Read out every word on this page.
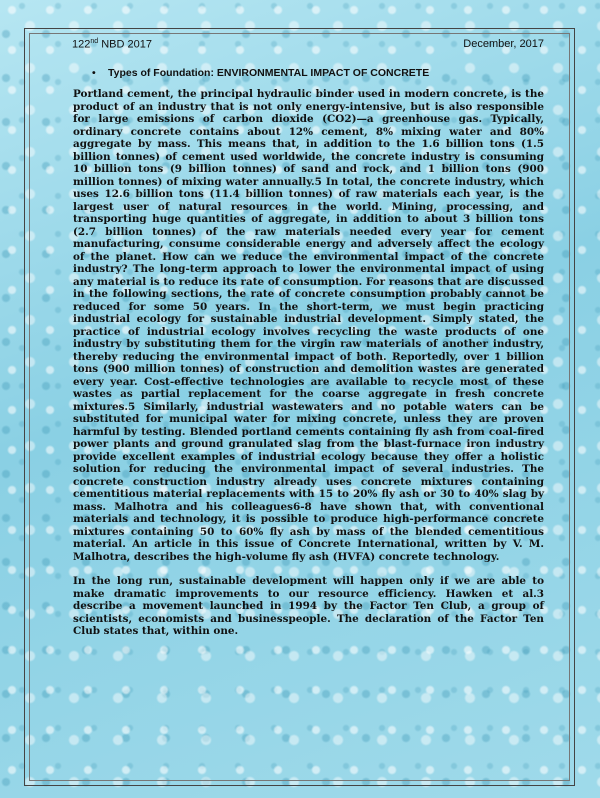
122nd NBD 2017	December, 2017
• Types of Foundation: ENVIRONMENTAL IMPACT OF CONCRETE

Portland cement, the principal hydraulic binder used in modern concrete, is the product of an industry that is not only energy-intensive, but is also responsible for large emissions of carbon dioxide (CO2)—a greenhouse gas. Typically, ordinary concrete contains about 12% cement, 8% mixing water and 80% aggregate by mass. This means that, in addition to the 1.6 billion tons (1.5 billion tonnes) of cement used worldwide, the concrete industry is consuming 10 billion tons (9 billion tonnes) of sand and rock, and 1 billion tons (900 million tonnes) of mixing water annually.5 In total, the concrete industry, which uses 12.6 billion tons (11.4 billion tonnes) of raw materials each year, is the largest user of natural resources in the world. Mining, processing, and transporting huge quantities of aggregate, in addition to about 3 billion tons (2.7 billion tonnes) of the raw materials needed every year for cement manufacturing, consume considerable energy and adversely affect the ecology of the planet. How can we reduce the environmental impact of the concrete industry? The long-term approach to lower the environmental impact of using any material is to reduce its rate of consumption. For reasons that are discussed in the following sections, the rate of concrete consumption probably cannot be reduced for some 50 years. In the short-term, we must begin practicing industrial ecology for sustainable industrial development. Simply stated, the practice of industrial ecology involves recycling the waste products of one industry by substituting them for the virgin raw materials of another industry, thereby reducing the environmental impact of both. Reportedly, over 1 billion tons (900 million tonnes) of construction and demolition wastes are generated every year. Cost-effective technologies are available to recycle most of these wastes as partial replacement for the coarse aggregate in fresh concrete mixtures.5 Similarly, industrial wastewaters and no potable waters can be substituted for municipal water for mixing concrete, unless they are proven harmful by testing. Blended portland cements containing fly ash from coal-fired power plants and ground granulated slag from the blast-furnace iron industry provide excellent examples of industrial ecology because they offer a holistic solution for reducing the environmental impact of several industries. The concrete construction industry already uses concrete mixtures containing cementitious material replacements with 15 to 20% fly ash or 30 to 40% slag by mass. Malhotra and his colleagues6-8 have shown that, with conventional materials and technology, it is possible to produce high-performance concrete mixtures containing 50 to 60% fly ash by mass of the blended cementitious material. An article in this issue of Concrete International, written by V. M. Malhotra, describes the high-volume fly ash (HVFA) concrete technology.

In the long run, sustainable development will happen only if we are able to make dramatic improvements to our resource efficiency. Hawken et al.3 describe a movement launched in 1994 by the Factor Ten Club, a group of scientists, economists and businesspeople. The declaration of the Factor Ten Club states that, within one.
